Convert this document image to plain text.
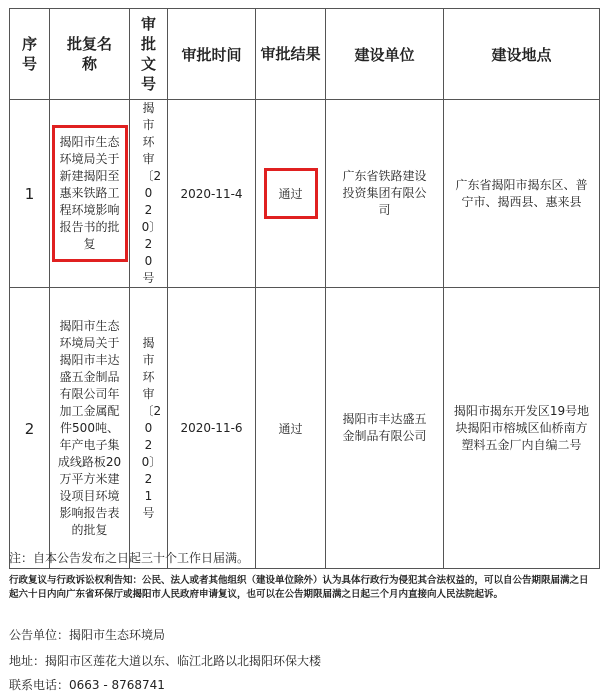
序号	批复名称	审批文号	审批时间	审批结果	建设单位	建设地点
1	揭阳市生态环境局关于新建揭阳至惠来铁路工程环境影响报告书的批复	揭市环审〔2020〕20号	2020-11-4	通过	广东省铁路建设投资集团有限公司	广东省揭阳市揭东区、普宁市、揭西县、惠来县

2	揭阳市生态环境局关于揭阳市丰达盛五金制品有限公司年加工金属配件500吨、年产电子集成线路板20万平方米建设项目环境影响报告表的批复	揭市环审〔2020〕21号	2020-11-6	通过	揭阳市丰达盛五金制品有限公司	揭阳市揭东开发区19号地块揭阳市榕城区仙桥南方塑料五金厂内自编二号

注：自本公告发布之日起三十个工作日届满。

行政复议与行政诉讼权利告知：公民、法人或者其他组织（建设单位除外）认为具体行政行为侵犯其合法权益的，可以自公告期限届满之日起六十日内向广东省环保厅或揭阳市人民政府申请复议，也可以在公告期限届满之日起三个月内直接向人民法院起诉。

公告单位：揭阳市生态环境局

地址：揭阳市区莲花大道以东、临江北路以北揭阳环保大楼

联系电话：0663 - 8768741
